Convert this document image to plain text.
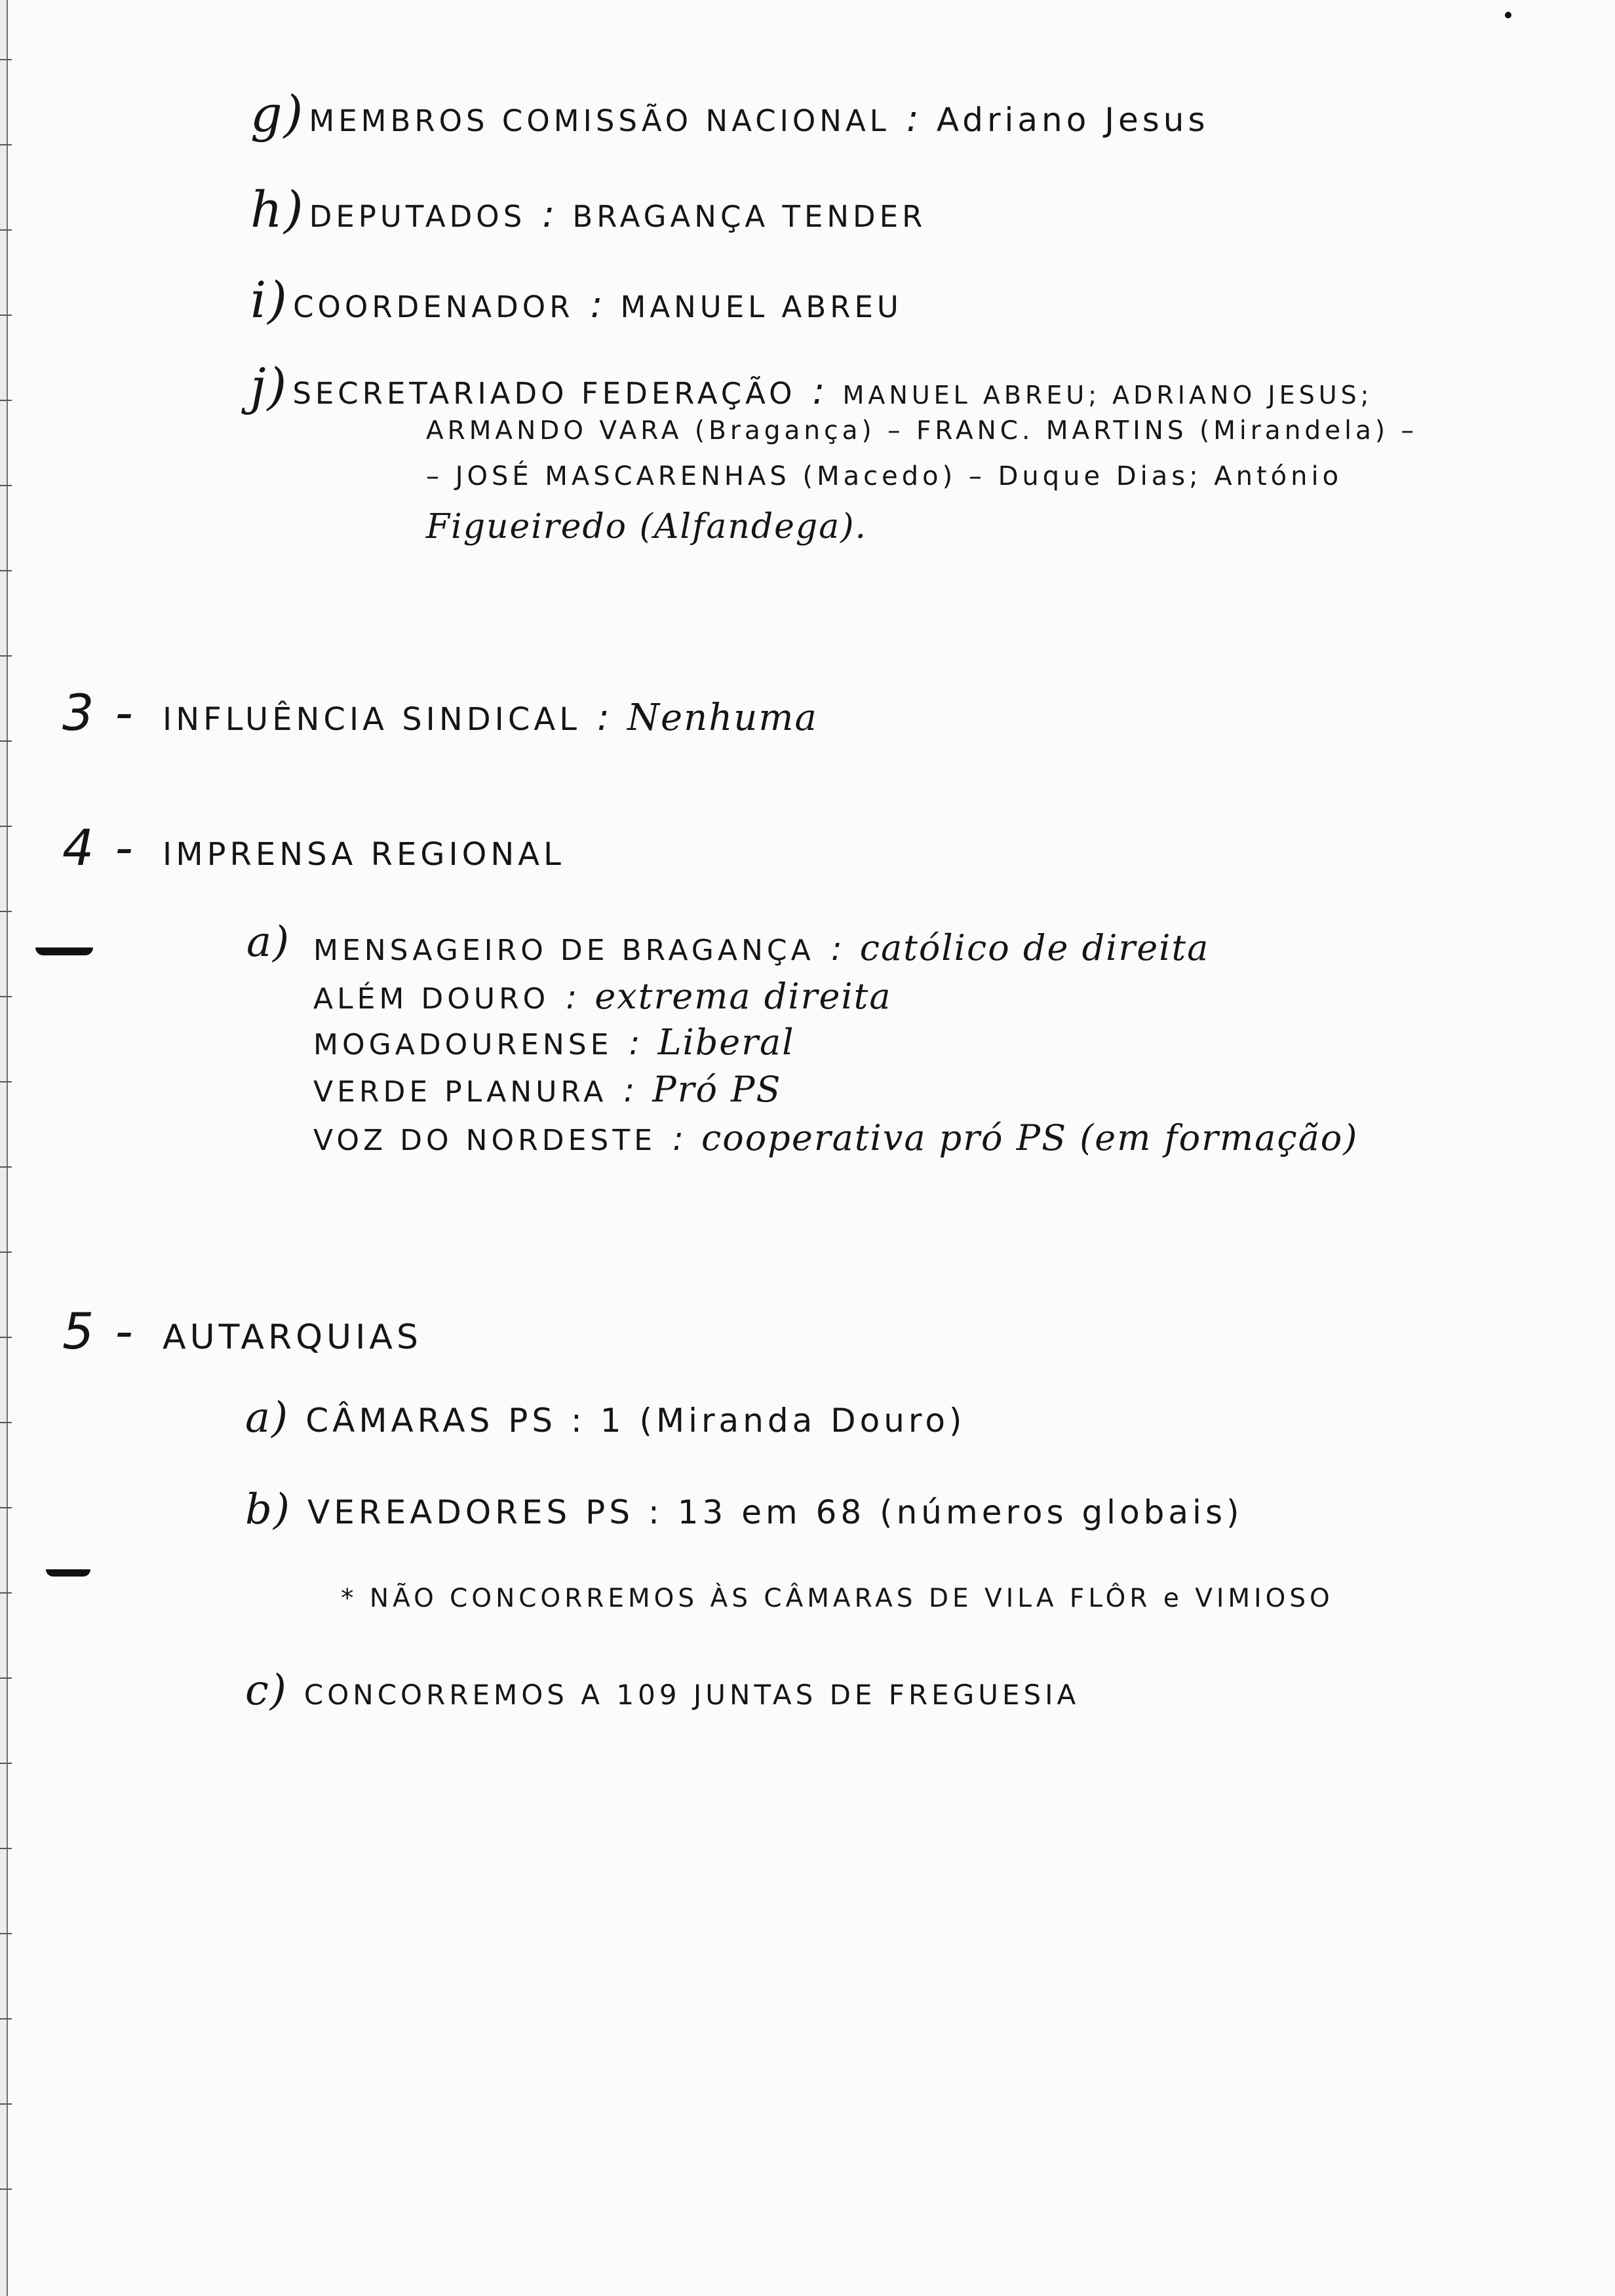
g) MEMBROS COMISSÃO NACIONAL : Adriano Jesus
h) DEPUTADOS : BRAGANÇA TENDER
i) COORDENADOR : MANUEL ABREU
j) SECRETARIADO FEDERAÇÃO : MANUEL ABREU; ADRIANO JESUS;
ARMANDO VARA (Bragança) – FRANC. MARTINS (Mirandela) –
– JOSÉ MASCARENHAS (Macedo) – Duque Dias; António
Figueiredo (Alfandega).
3 - INFLUÊNCIA SINDICAL : Nenhuma
4 - IMPRENSA REGIONAL
a) MENSAGEIRO DE BRAGANÇA : católico de direita
ALÉM DOURO : extrema direita
MOGADOURENSE : Liberal
VERDE PLANURA : Pró PS
VOZ DO NORDESTE : cooperativa pró PS (em formação)
5 - AUTARQUIAS
a) CÂMARAS PS : 1 (Miranda Douro)
b) VEREADORES PS : 13 em 68 (números globais)
* NÃO CONCORREMOS ÀS CÂMARAS DE VILA FLÔR e VIMIOSO
c) CONCORREMOS A 109 JUNTAS DE FREGUESIA
